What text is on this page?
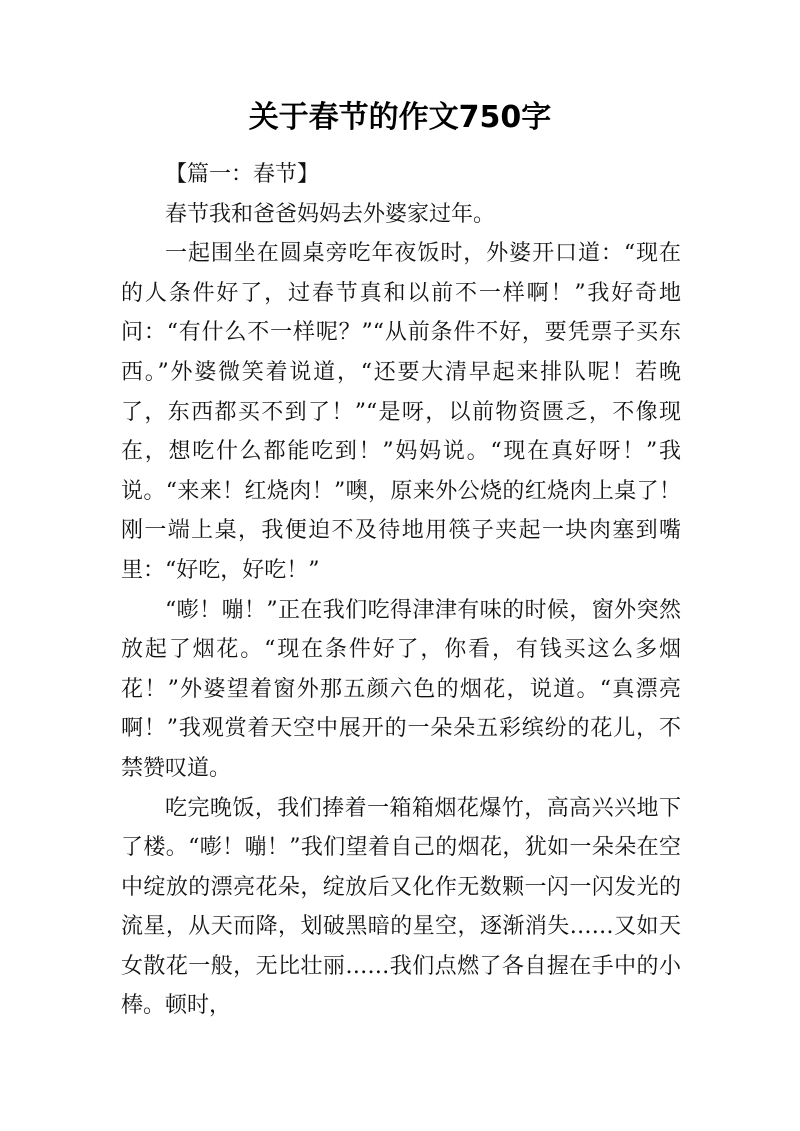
关于春节的作文750字

【篇一：春节】

春节我和爸爸妈妈去外婆家过年。

一起围坐在圆桌旁吃年夜饭时，外婆开口道：“现在的人条件好了，过春节真和以前不一样啊！”我好奇地问：“有什么不一样呢？”“从前条件不好，要凭票子买东西。”外婆微笑着说道，“还要大清早起来排队呢！若晚了，东西都买不到了！”“是呀，以前物资匮乏，不像现在，想吃什么都能吃到！”妈妈说。“现在真好呀！”我说。“来来！红烧肉！”噢，原来外公烧的红烧肉上桌了！刚一端上桌，我便迫不及待地用筷子夹起一块肉塞到嘴里：“好吃，好吃！”

“嘭！嘣！”正在我们吃得津津有味的时候，窗外突然放起了烟花。“现在条件好了，你看，有钱买这么多烟花！”外婆望着窗外那五颜六色的烟花，说道。“真漂亮啊！”我观赏着天空中展开的一朵朵五彩缤纷的花儿，不禁赞叹道。

吃完晚饭，我们捧着一箱箱烟花爆竹，高高兴兴地下了楼。“嘭！嘣！”我们望着自己的烟花，犹如一朵朵在空中绽放的漂亮花朵，绽放后又化作无数颗一闪一闪发光的流星，从天而降，划破黑暗的星空，逐渐消失……又如天女散花一般，无比壮丽……我们点燃了各自握在手中的小棒。顿时，
